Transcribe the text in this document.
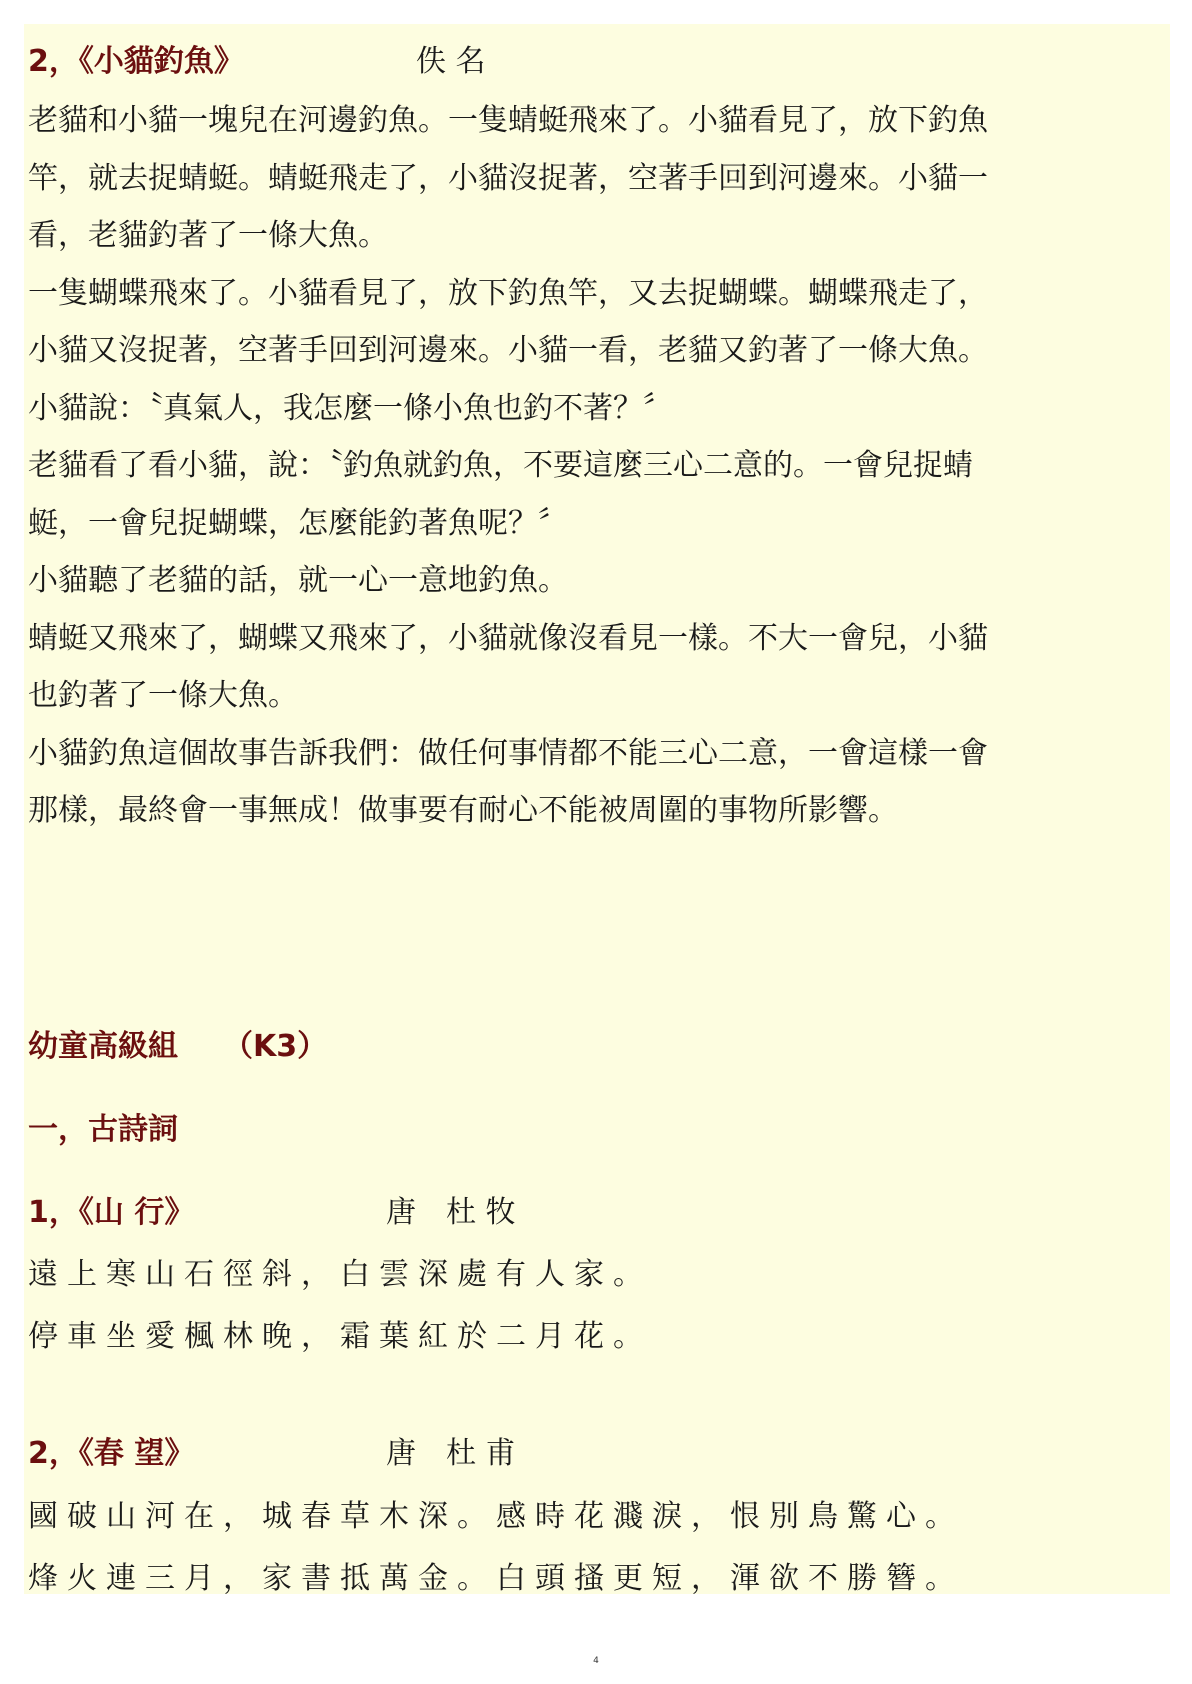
2，《小貓釣魚》	佚 名
老貓和小貓一塊兒在河邊釣魚。一隻蜻蜓飛來了。小貓看見了，放下釣魚
竿，就去捉蜻蜓。蜻蜓飛走了，小貓沒捉著，空著手回到河邊來。小貓一
看，老貓釣著了一條大魚。
一隻蝴蝶飛來了。小貓看見了，放下釣魚竿，又去捉蝴蝶。蝴蝶飛走了，
小貓又沒捉著，空著手回到河邊來。小貓一看，老貓又釣著了一條大魚。
小貓說：〝真氣人，我怎麼一條小魚也釣不著？〞
老貓看了看小貓，說：〝釣魚就釣魚，不要這麼三心二意的。一會兒捉蜻
蜓，一會兒捉蝴蝶，怎麼能釣著魚呢？〞
小貓聽了老貓的話，就一心一意地釣魚。
蜻蜓又飛來了，蝴蝶又飛來了，小貓就像沒看見一樣。不大一會兒，小貓
也釣著了一條大魚。
小貓釣魚這個故事告訴我們：做任何事情都不能三心二意，一會這樣一會
那樣，最終會一事無成！做事要有耐心不能被周圍的事物所影響。
幼童高級組　　（K3）
一，古詩詞
1，《山 行》	唐　杜 牧
遠上寒山石徑斜，白雲深處有人家。
停車坐愛楓林晚，霜葉紅於二月花。
2，《春 望》	唐　杜 甫
國破山河在，城春草木深。感時花濺淚，恨別鳥驚心。
烽火連三月，家書抵萬金。白頭搔更短，渾欲不勝簪。
4
